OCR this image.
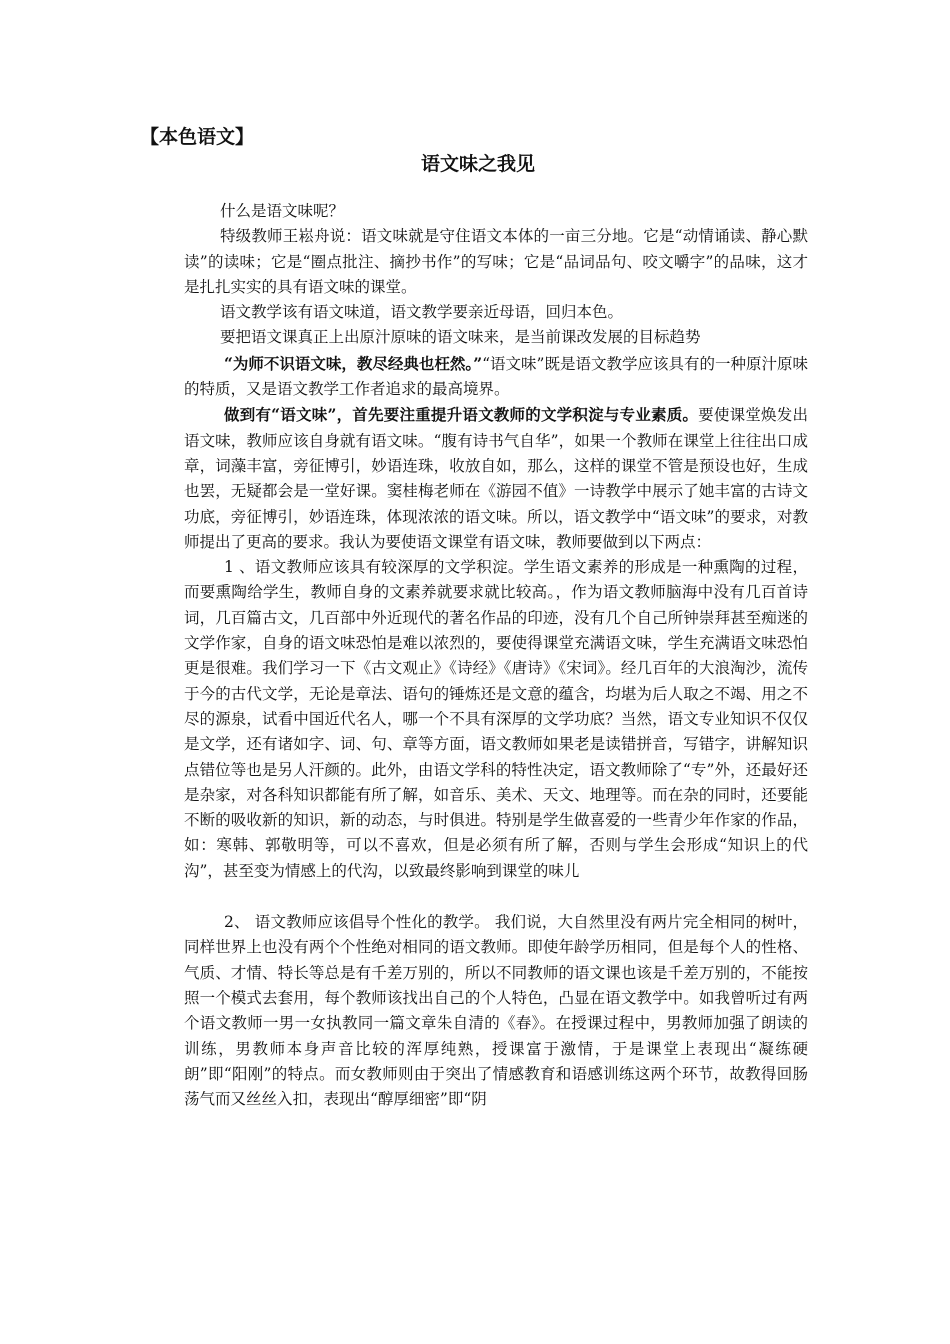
【本色语文】
语文味之我见

什么是语文味呢？

特级教师王崧舟说：语文味就是守住语文本体的一亩三分地。它是“动情诵读、静心默读”的读味；它是“圈点批注、摘抄书作”的写味；它是“品词品句、咬文嚼字”的品味，这才是扎扎实实的具有语文味的课堂。

语文教学该有语文味道，语文教学要亲近母语，回归本色。

要把语文课真正上出原汁原味的语文味来，是当前课改发展的目标趋势

“为师不识语文味，教尽经典也枉然。”“语文味”既是语文教学应该具有的一种原汁原味的特质，又是语文教学工作者追求的最高境界。

做到有“语文味”，首先要注重提升语文教师的文学积淀与专业素质。要使课堂焕发出语文味，教师应该自身就有语文味。“腹有诗书气自华”，如果一个教师在课堂上往往出口成章，词藻丰富，旁征博引，妙语连珠，收放自如，那么，这样的课堂不管是预设也好，生成也罢，无疑都会是一堂好课。窦桂梅老师在《游园不值》一诗教学中展示了她丰富的古诗文功底，旁征博引，妙语连珠，体现浓浓的语文味。所以，语文教学中“语文味”的要求，对教师提出了更高的要求。我认为要使语文课堂有语文味，教师要做到以下两点：

1 、语文教师应该具有较深厚的文学积淀。学生语文素养的形成是一种熏陶的过程，而要熏陶给学生，教师自身的文素养就要求就比较高。，作为语文教师脑海中没有几百首诗词，几百篇古文，几百部中外近现代的著名作品的印迹，没有几个自己所钟崇拜甚至痴迷的文学作家，自身的语文味恐怕是难以浓烈的，要使得课堂充满语文味，学生充满语文味恐怕更是很难。我们学习一下《古文观止》《诗经》《唐诗》《宋词》。经几百年的大浪淘沙，流传于今的古代文学，无论是章法、语句的锤炼还是文意的蕴含，均堪为后人取之不竭、用之不尽的源泉，试看中国近代名人，哪一个不具有深厚的文学功底？当然，语文专业知识不仅仅是文学，还有诸如字、词、句、章等方面，语文教师如果老是读错拼音，写错字，讲解知识点错位等也是另人汗颜的。此外，由语文学科的特性决定，语文教师除了“专”外，还最好还是杂家，对各科知识都能有所了解，如音乐、美术、天文、地理等。而在杂的同时，还要能不断的吸收新的知识，新的动态，与时俱进。特别是学生做喜爱的一些青少年作家的作品，如：寒韩、郭敬明等，可以不喜欢，但是必须有所了解，否则与学生会形成“知识上的代沟”，甚至变为情感上的代沟，以致最终影响到课堂的味儿

2、 语文教师应该倡导个性化的教学。 我们说，大自然里没有两片完全相同的树叶，同样世界上也没有两个个性绝对相同的语文教师。即使年龄学历相同，但是每个人的性格、气质、才情、特长等总是有千差万别的，所以不同教师的语文课也该是千差万别的，不能按照一个模式去套用，每个教师该找出自己的个人特色，凸显在语文教学中。如我曾听过有两个语文教师一男一女执教同一篇文章朱自清的《春》。在授课过程中，男教师加强了朗读的训练，男教师本身声音比较的浑厚纯熟，授课富于激情，于是课堂上表现出“凝练硬朗”即“阳刚”的特点。而女教师则由于突出了情感教育和语感训练这两个环节，故教得回肠荡气而又丝丝入扣，表现出“醇厚细密”即“阴
